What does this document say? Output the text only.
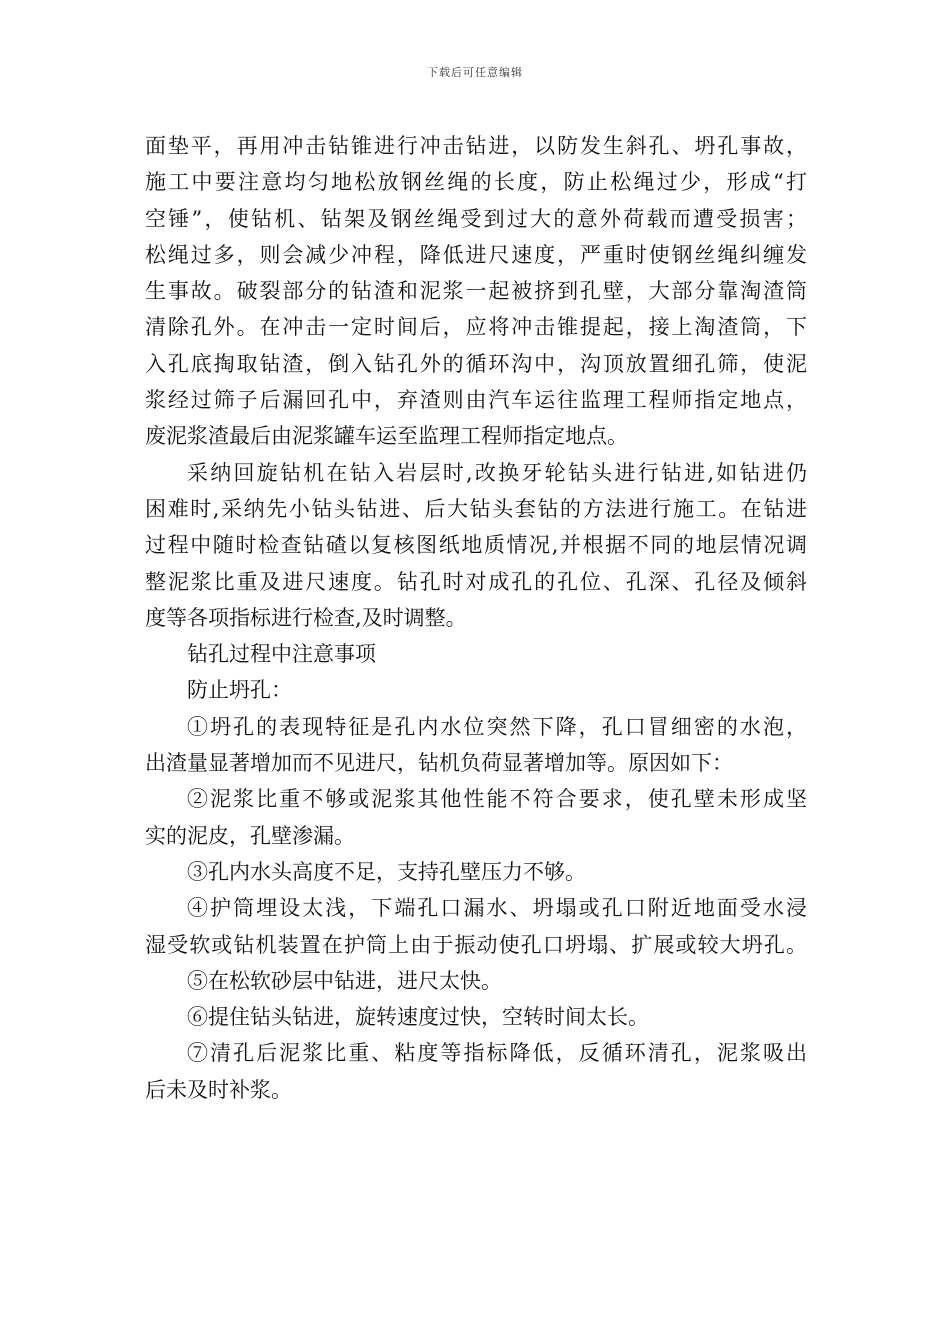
下载后可任意编辑
面垫平，再用冲击钻锥进行冲击钻进，以防发生斜孔、坍孔事故，
施工中要注意均匀地松放钢丝绳的长度，防止松绳过少，形成“打
空锤”，使钻机、钻架及钢丝绳受到过大的意外荷载而遭受损害；
松绳过多，则会减少冲程，降低进尺速度，严重时使钢丝绳纠缠发
生事故。破裂部分的钻渣和泥浆一起被挤到孔壁，大部分靠淘渣筒
清除孔外。在冲击一定时间后，应将冲击锥提起，接上淘渣筒，下
入孔底掏取钻渣，倒入钻孔外的循环沟中，沟顶放置细孔筛，使泥
浆经过筛子后漏回孔中，弃渣则由汽车运往监理工程师指定地点，
废泥浆渣最后由泥浆罐车运至监理工程师指定地点。
采纳回旋钻机在钻入岩层时,改换牙轮钻头进行钻进,如钻进仍
困难时,采纳先小钻头钻进、后大钻头套钻的方法进行施工。在钻进
过程中随时检查钻碴以复核图纸地质情况,并根据不同的地层情况调
整泥浆比重及进尺速度。钻孔时对成孔的孔位、孔深、孔径及倾斜
度等各项指标进行检查,及时调整。
钻孔过程中注意事项
防止坍孔：
①坍孔的表现特征是孔内水位突然下降，孔口冒细密的水泡，
出渣量显著增加而不见进尺，钻机负荷显著增加等。原因如下：
②泥浆比重不够或泥浆其他性能不符合要求，使孔壁未形成坚
实的泥皮，孔壁渗漏。
③孔内水头高度不足，支持孔壁压力不够。
④护筒埋设太浅，下端孔口漏水、坍塌或孔口附近地面受水浸
湿受软或钻机装置在护筒上由于振动使孔口坍塌、扩展或较大坍孔。
⑤在松软砂层中钻进，进尺太快。
⑥提住钻头钻进，旋转速度过快，空转时间太长。
⑦清孔后泥浆比重、粘度等指标降低，反循环清孔，泥浆吸出
后未及时补浆。
